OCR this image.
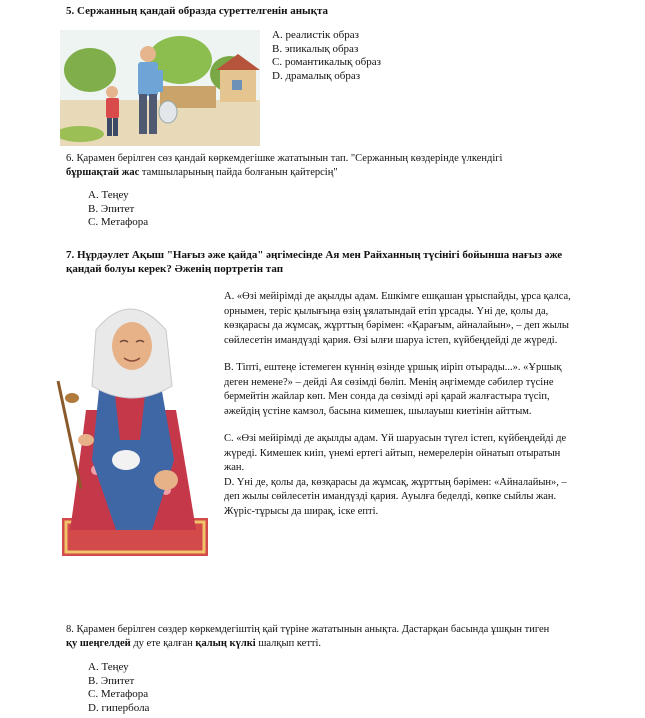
5. Сержанның қандай образда суреттелгенін анықта
A. реалистік образ
B. эпикалық образ
C. романтикалық образ
D. драмалық образ
6. Қарамен берілген сөз қандай көркемдегішке жататынын тап. "Сержанның көздерінде үлкендігі
бұршақтай жас тамшыларының пайда болғанын қайтерсің"
A. Теңеу
B. Эпитет
C. Метафора
7. Нұрдәулет Ақыш "Нағыз әже қайда" әңгімесінде Ая мен Райханның түсінігі бойынша нағыз әже
қандай болуы керек? Әженің портретін тап
A. «Өзі мейірімді де ақылды адам. Ешкімге ешқашан ұрыспайды, ұрса қалса,
орнымен, теріс қылығыңа өзің ұялатындай етіп ұрсады. Үні де, қолы да,
көзқарасы да жұмсақ, жұрттың бәрімен: «Қарағым, айналайын», – деп жылы
сөйлесетін имандүзді қария. Өзі ылғи шаруа істеп, күйбеңдейді де жүреді.
B. Тіпті, ештеңе істемеген күннің өзінде ұршық иіріп отырады...». «Ұршық
деген немене?» – дейді Ая сөзімді бөліп. Менің әңгімемде сәбилер түсіне
бермейтін жайлар көп. Мен сонда да сөзімді әрі қарай жалғастыра түсіп,
әжейдің үстіне камзол, басына кимешек, шылауыш киетінін айттым.
C. «Өзі мейірімді де ақылды адам. Үй шаруасын түгел істеп, күйбеңдейді де
жүреді. Кимешек киіп, үнемі ертегі айтып, немерелерін ойнатып отыратын
жан.
D. Үні де, қолы да, көзқарасы да жұмсақ, жұрттың бәрімен: «Айналайын», –
деп жылы сөйлесетін имандүзді қария. Ауылға беделді, көпке сыйлы жан.
Жүріс-тұрысы да ширақ, іске епті.
8. Қарамен берілген сөздер көркемдегіштің қай түріне жататынын анықта. Дастарқан басында ұшқын тиген
қу шеңгелдей ду ете қалған қалың күлкі шалқып кетті.
A. Теңеу
B. Эпитет
C. Метафора
D. гипербола
